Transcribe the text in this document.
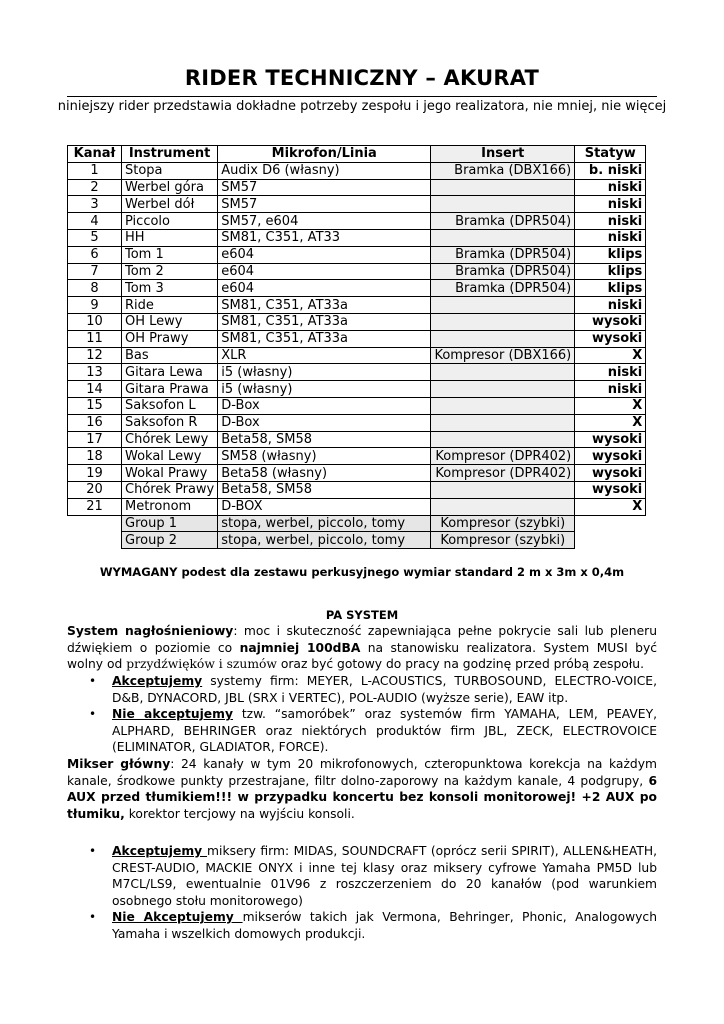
RIDER TECHNICZNY – AKURAT
niniejszy rider przedstawia dokładne potrzeby zespołu i jego realizatora, nie mniej, nie więcej
Kanał	Instrument	Mikrofon/Linia	Insert	Statyw
1	Stopa	Audix D6 (własny)	Bramka (DBX166)	b. niski
2	Werbel góra	SM57		niski
3	Werbel dół	SM57		niski
4	Piccolo	SM57, e604	Bramka (DPR504)	niski
5	HH	SM81, C351, AT33		niski
6	Tom 1	e604	Bramka (DPR504)	klips
7	Tom 2	e604	Bramka (DPR504)	klips
8	Tom 3	e604	Bramka (DPR504)	klips
9	Ride	SM81, C351, AT33a		niski
10	OH Lewy	SM81, C351, AT33a		wysoki
11	OH Prawy	SM81, C351, AT33a		wysoki
12	Bas	XLR	Kompresor (DBX166)	X
13	Gitara Lewa	i5 (własny)		niski
14	Gitara Prawa	i5 (własny)		niski
15	Saksofon L	D-Box		X
16	Saksofon R	D-Box		X
17	Chórek Lewy	Beta58, SM58		wysoki
18	Wokal Lewy	SM58 (własny)	Kompresor (DPR402)	wysoki
19	Wokal Prawy	Beta58 (własny)	Kompresor (DPR402)	wysoki
20	Chórek Prawy	Beta58, SM58		wysoki
21	Metronom	D-BOX		X
	Group 1	stopa, werbel, piccolo, tomy	Kompresor (szybki)	
	Group 2	stopa, werbel, piccolo, tomy	Kompresor (szybki)	
WYMAGANY podest dla zestawu perkusyjnego wymiar standard 2 m x 3m x 0,4m
PA SYSTEM
System nagłośnieniowy: moc i skuteczność zapewniająca pełne pokrycie sali lub pleneru dźwiękiem o poziomie co najmniej 100dBA na stanowisku realizatora. System MUSI być wolny od przydźwięków i szumów oraz być gotowy do pracy na godzinę przed próbą zespołu.
• Akceptujemy systemy firm: MEYER, L-ACOUSTICS, TURBOSOUND, ELECTRO-VOICE, D&B, DYNACORD, JBL (SRX i VERTEC), POL-AUDIO (wyższe serie), EAW itp.
• Nie akceptujemy tzw. “samoróbek” oraz systemów firm YAMAHA, LEM, PEAVEY, ALPHARD, BEHRINGER oraz niektórych produktów firm JBL, ZECK, ELECTROVOICE (ELIMINATOR, GLADIATOR, FORCE).
Mikser główny: 24 kanały w tym 20 mikrofonowych, czteropunktowa korekcja na każdym kanale, środkowe punkty przestrajane, filtr dolno-zaporowy na każdym kanale, 4 podgrupy, 6 AUX przed tłumikiem!!! w przypadku koncertu bez konsoli monitorowej! +2 AUX po tłumiku, korektor tercjowy na wyjściu konsoli.
• Akceptujemy miksery firm: MIDAS, SOUNDCRAFT (oprócz serii SPIRIT), ALLEN&HEATH, CREST-AUDIO, MACKIE ONYX i inne tej klasy oraz miksery cyfrowe Yamaha PM5D lub M7CL/LS9, ewentualnie 01V96 z roszczerzeniem do 20 kanałów (pod warunkiem osobnego stołu monitorowego)
• Nie Akceptujemy mikserów takich jak Vermona, Behringer, Phonic, Analogowych Yamaha i wszelkich domowych produkcji.
